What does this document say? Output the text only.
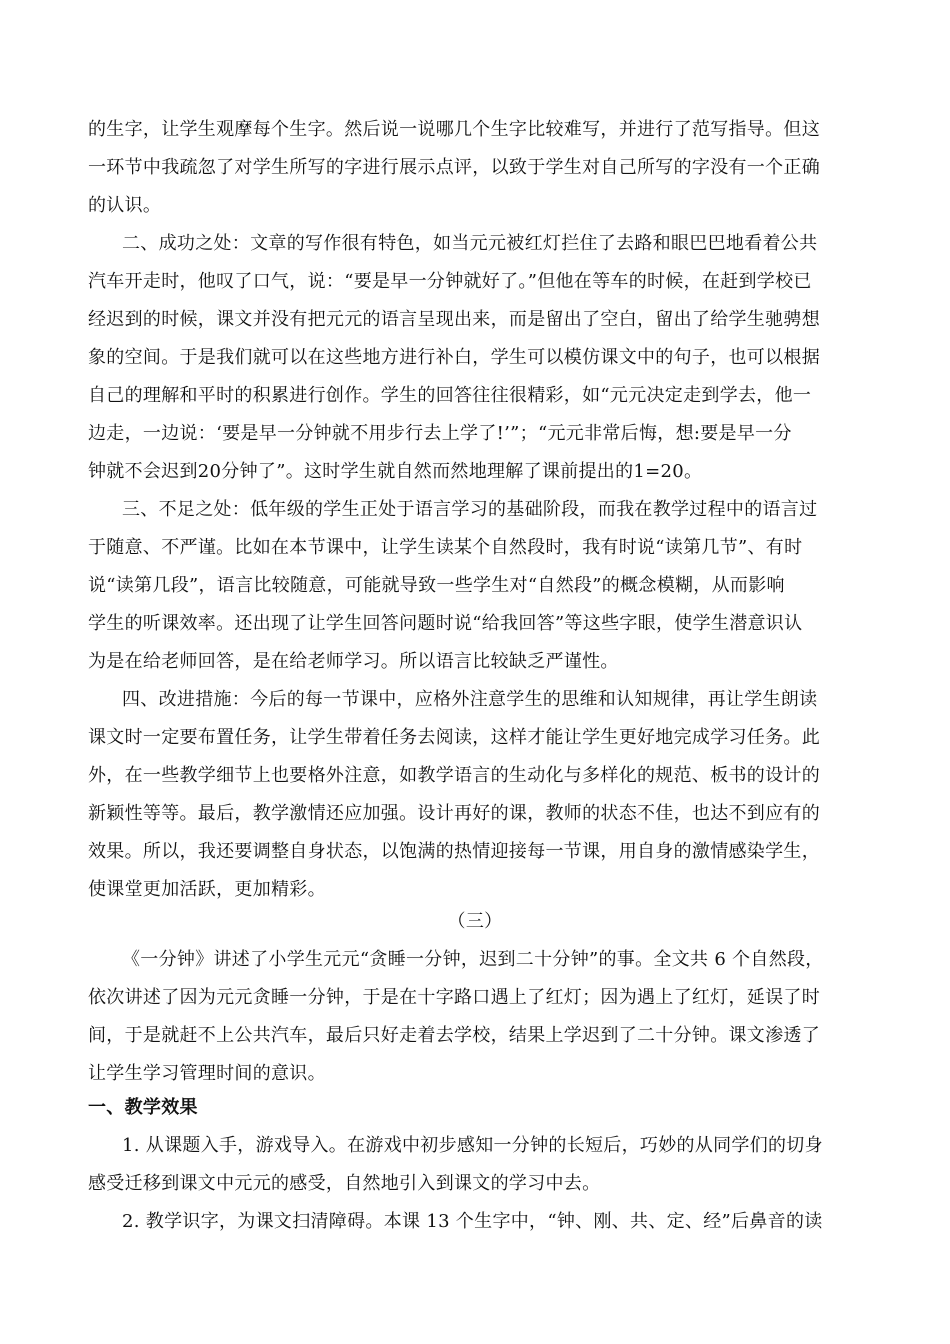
的生字，让学生观摩每个生字。然后说一说哪几个生字比较难写，并进行了范写指导。但这
一环节中我疏忽了对学生所写的字进行展示点评，以致于学生对自己所写的字没有一个正确
的认识。
二、成功之处：文章的写作很有特色，如当元元被红灯拦住了去路和眼巴巴地看着公共
汽车开走时，他叹了口气，说：“要是早一分钟就好了。”但他在等车的时候，在赶到学校已
经迟到的时候，课文并没有把元元的语言呈现出来，而是留出了空白，留出了给学生驰骋想
象的空间。于是我们就可以在这些地方进行补白，学生可以模仿课文中的句子，也可以根据
自己的理解和平时的积累进行创作。学生的回答往往很精彩，如“元元决定走到学去，他一
边走，一边说：‘要是早一分钟就不用步行去上学了!’”；“元元非常后悔，想:要是早一分
钟就不会迟到20分钟了”。这时学生就自然而然地理解了课前提出的1=20。
三、不足之处：低年级的学生正处于语言学习的基础阶段，而我在教学过程中的语言过
于随意、不严谨。比如在本节课中，让学生读某个自然段时，我有时说“读第几节”、有时
说“读第几段”，语言比较随意，可能就导致一些学生对“自然段”的概念模糊，从而影响
学生的听课效率。还出现了让学生回答问题时说“给我回答”等这些字眼，使学生潜意识认
为是在给老师回答，是在给老师学习。所以语言比较缺乏严谨性。
四、改进措施：今后的每一节课中，应格外注意学生的思维和认知规律，再让学生朗读
课文时一定要布置任务，让学生带着任务去阅读，这样才能让学生更好地完成学习任务。此
外，在一些教学细节上也要格外注意，如教学语言的生动化与多样化的规范、板书的设计的
新颖性等等。最后，教学激情还应加强。设计再好的课，教师的状态不佳，也达不到应有的
效果。所以，我还要调整自身状态，以饱满的热情迎接每一节课，用自身的激情感染学生，
使课堂更加活跃，更加精彩。
（三）
《一分钟》讲述了小学生元元“贪睡一分钟，迟到二十分钟”的事。全文共 6 个自然段，
依次讲述了因为元元贪睡一分钟，于是在十字路口遇上了红灯；因为遇上了红灯，延误了时
间，于是就赶不上公共汽车，最后只好走着去学校，结果上学迟到了二十分钟。课文渗透了
让学生学习管理时间的意识。
一、教学效果
1. 从课题入手，游戏导入。在游戏中初步感知一分钟的长短后，巧妙的从同学们的切身
感受迁移到课文中元元的感受，自然地引入到课文的学习中去。
2. 教学识字，为课文扫清障碍。本课 13 个生字中，“钟、刚、共、定、经”后鼻音的读
